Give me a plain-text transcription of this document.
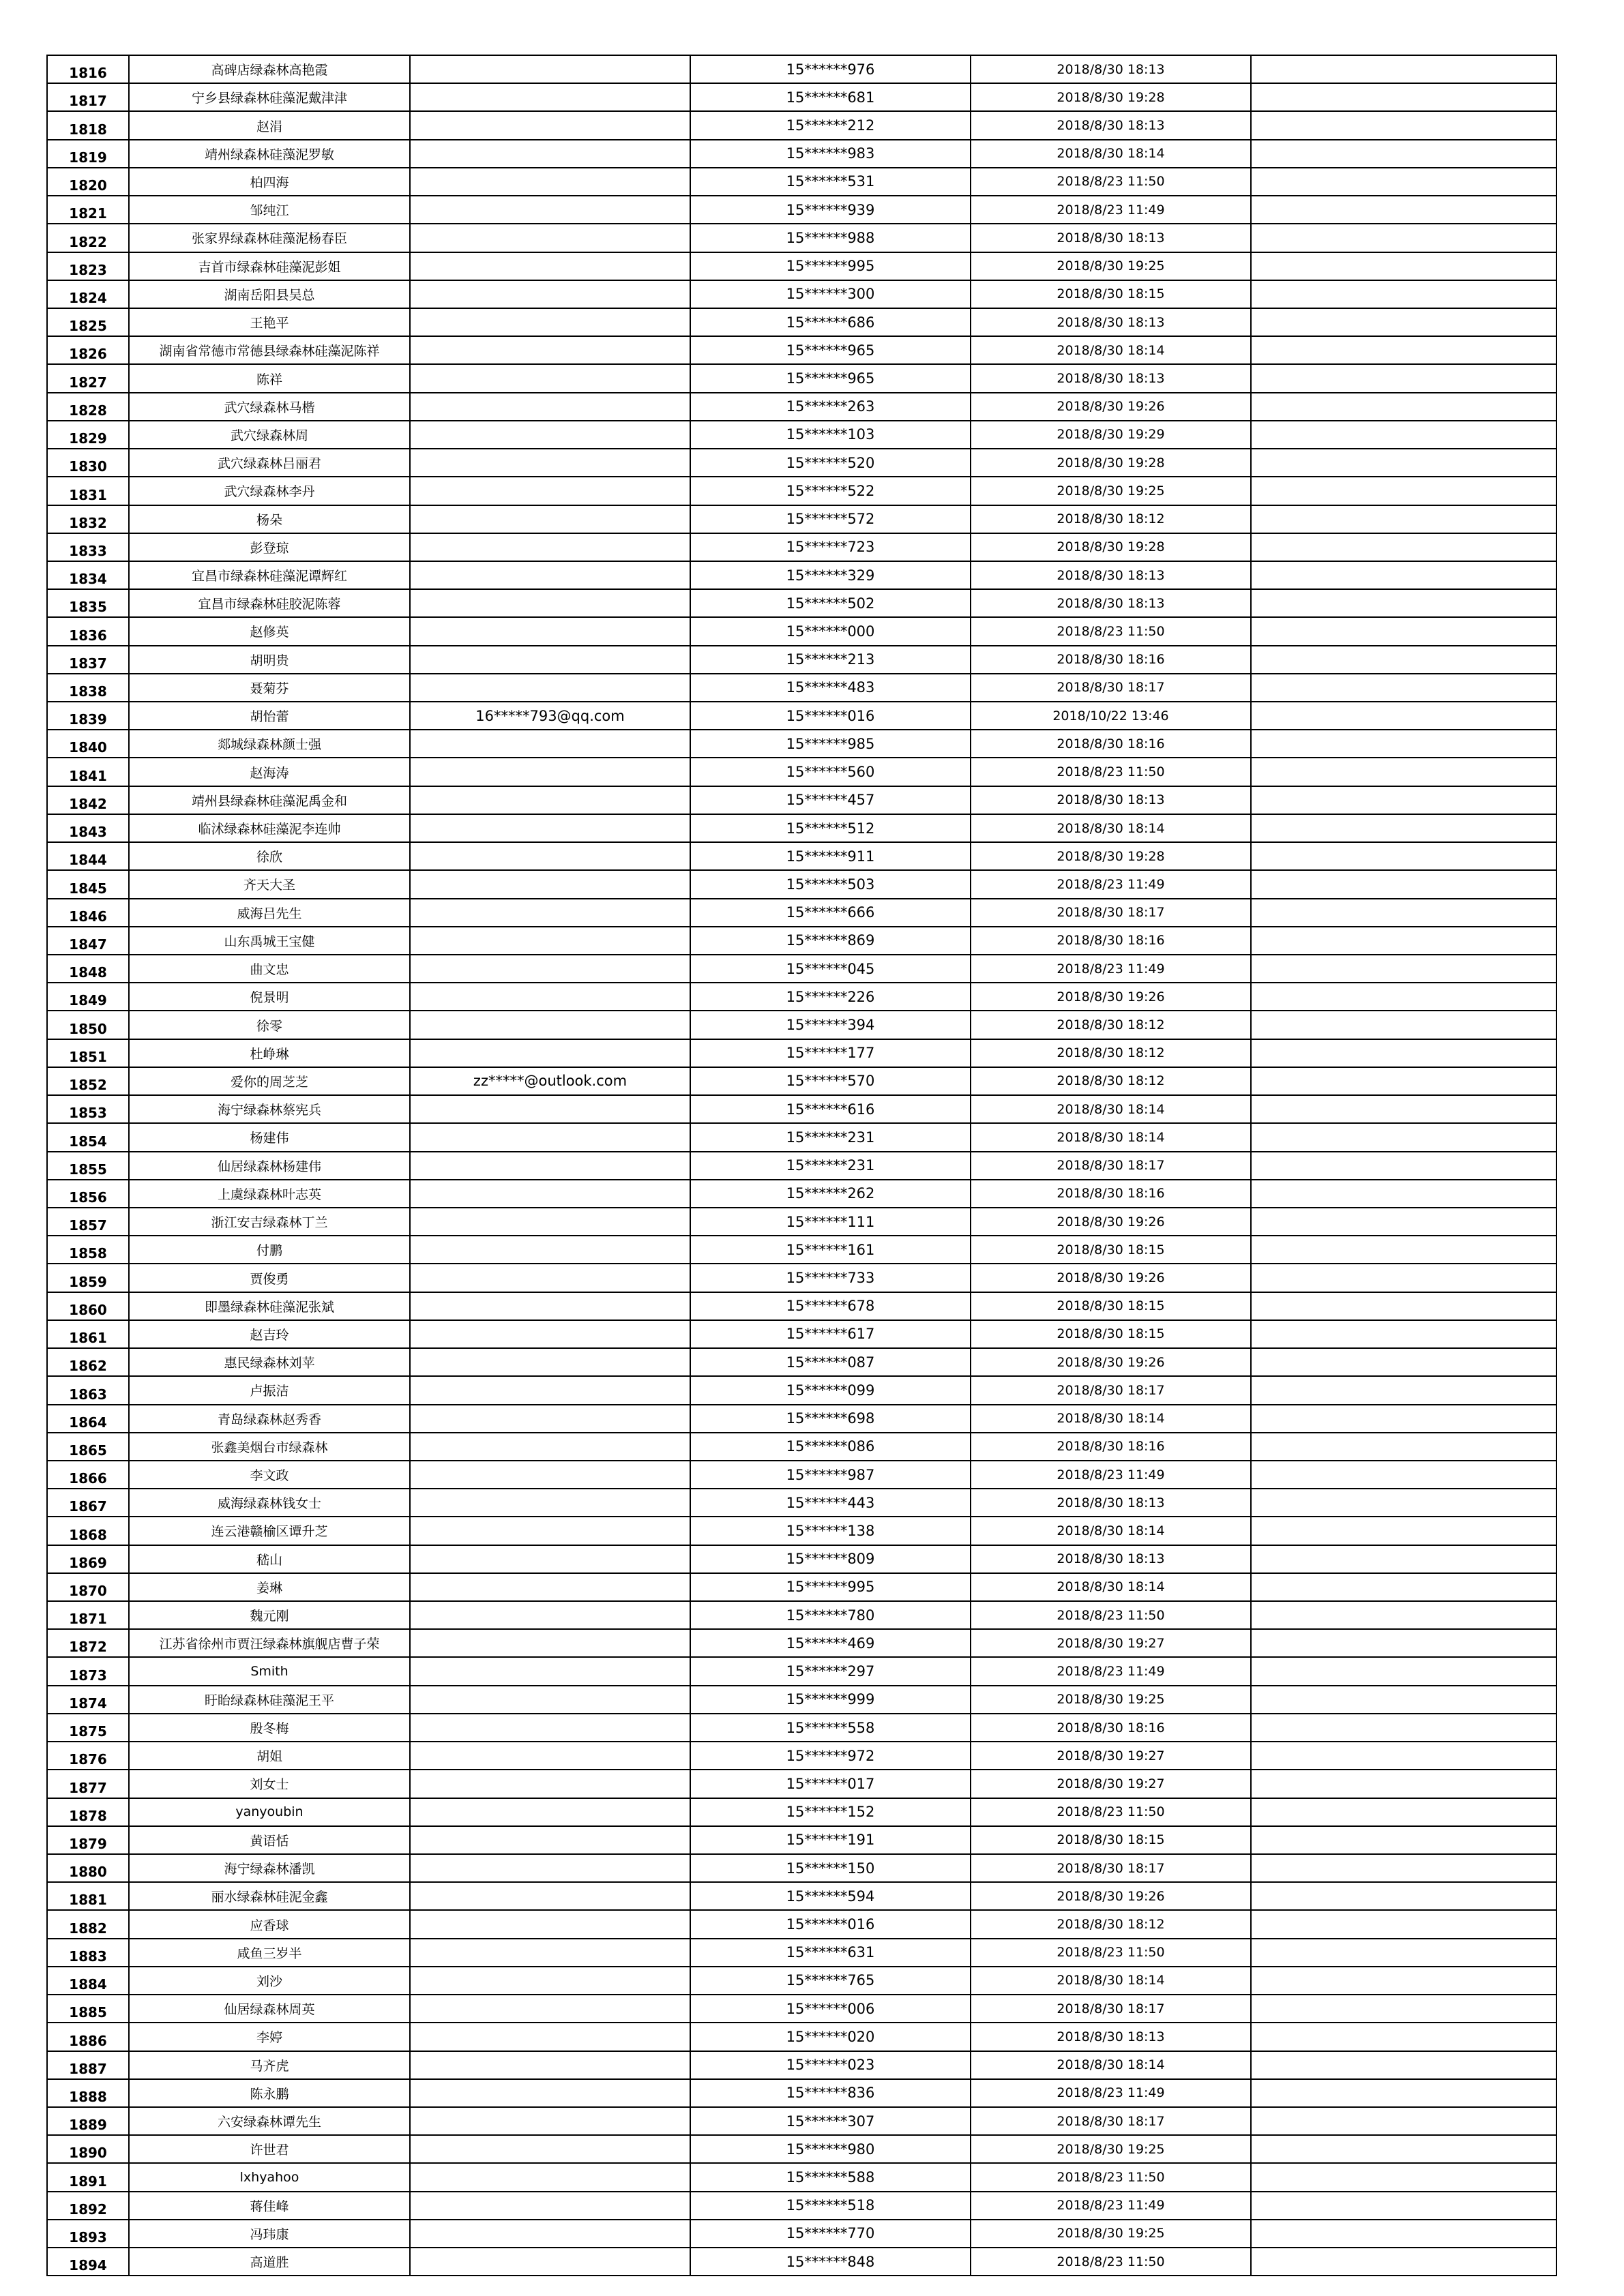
1816	高碑店绿森林高艳霞		15******976	2018/8/30 18:13	
1817	宁乡县绿森林硅藻泥戴津津		15******681	2018/8/30 19:28	
1818	赵涓		15******212	2018/8/30 18:13	
1819	靖州绿森林硅藻泥罗敏		15******983	2018/8/30 18:14	
1820	柏四海		15******531	2018/8/23 11:50	
1821	邹纯江		15******939	2018/8/23 11:49	
1822	张家界绿森林硅藻泥杨春臣		15******988	2018/8/30 18:13	
1823	吉首市绿森林硅藻泥彭姐		15******995	2018/8/30 19:25	
1824	湖南岳阳县吴总		15******300	2018/8/30 18:15	
1825	王艳平		15******686	2018/8/30 18:13	
1826	湖南省常德市常德县绿森林硅藻泥陈祥		15******965	2018/8/30 18:14	
1827	陈祥		15******965	2018/8/30 18:13	
1828	武穴绿森林马楷		15******263	2018/8/30 19:26	
1829	武穴绿森林周		15******103	2018/8/30 19:29	
1830	武穴绿森林吕丽君		15******520	2018/8/30 19:28	
1831	武穴绿森林李丹		15******522	2018/8/30 19:25	
1832	杨朵		15******572	2018/8/30 18:12	
1833	彭登琼		15******723	2018/8/30 19:28	
1834	宜昌市绿森林硅藻泥谭辉红		15******329	2018/8/30 18:13	
1835	宜昌市绿森林硅胶泥陈蓉		15******502	2018/8/30 18:13	
1836	赵修英		15******000	2018/8/23 11:50	
1837	胡明贵		15******213	2018/8/30 18:16	
1838	聂菊芬		15******483	2018/8/30 18:17	
1839	胡怡蕾	16*****793@qq.com	15******016	2018/10/22 13:46	
1840	郯城绿森林颜士强		15******985	2018/8/30 18:16	
1841	赵海涛		15******560	2018/8/23 11:50	
1842	靖州县绿森林硅藻泥禹金和		15******457	2018/8/30 18:13	
1843	临沭绿森林硅藻泥李连帅		15******512	2018/8/30 18:14	
1844	徐欣		15******911	2018/8/30 19:28	
1845	齐天大圣		15******503	2018/8/23 11:49	
1846	威海吕先生		15******666	2018/8/30 18:17	
1847	山东禹城王宝健		15******869	2018/8/30 18:16	
1848	曲文忠		15******045	2018/8/23 11:49	
1849	倪景明		15******226	2018/8/30 19:26	
1850	徐零		15******394	2018/8/30 18:12	
1851	杜峥琳		15******177	2018/8/30 18:12	
1852	爱你的周芝芝	zz*****@outlook.com	15******570	2018/8/30 18:12	
1853	海宁绿森林蔡宪兵		15******616	2018/8/30 18:14	
1854	杨建伟		15******231	2018/8/30 18:14	
1855	仙居绿森林杨建伟		15******231	2018/8/30 18:17	
1856	上虞绿森林叶志英		15******262	2018/8/30 18:16	
1857	浙江安吉绿森林丁兰		15******111	2018/8/30 19:26	
1858	付鹏		15******161	2018/8/30 18:15	
1859	贾俊勇		15******733	2018/8/30 19:26	
1860	即墨绿森林硅藻泥张斌		15******678	2018/8/30 18:15	
1861	赵吉玲		15******617	2018/8/30 18:15	
1862	惠民绿森林刘苹		15******087	2018/8/30 19:26	
1863	卢振洁		15******099	2018/8/30 18:17	
1864	青岛绿森林赵秀香		15******698	2018/8/30 18:14	
1865	张鑫美烟台市绿森林		15******086	2018/8/30 18:16	
1866	李文政		15******987	2018/8/23 11:49	
1867	威海绿森林钱女士		15******443	2018/8/30 18:13	
1868	连云港赣榆区谭升芝		15******138	2018/8/30 18:14	
1869	嵇山		15******809	2018/8/30 18:13	
1870	姜琳		15******995	2018/8/30 18:14	
1871	魏元刚		15******780	2018/8/23 11:50	
1872	江苏省徐州市贾汪绿森林旗舰店曹子荣		15******469	2018/8/30 19:27	
1873	Smith		15******297	2018/8/23 11:49	
1874	盱眙绿森林硅藻泥王平		15******999	2018/8/30 19:25	
1875	殷冬梅		15******558	2018/8/30 18:16	
1876	胡姐		15******972	2018/8/30 19:27	
1877	刘女士		15******017	2018/8/30 19:27	
1878	yanyoubin		15******152	2018/8/23 11:50	
1879	黄语恬		15******191	2018/8/30 18:15	
1880	海宁绿森林潘凯		15******150	2018/8/30 18:17	
1881	丽水绿森林硅泥金鑫		15******594	2018/8/30 19:26	
1882	应香球		15******016	2018/8/30 18:12	
1883	咸鱼三岁半		15******631	2018/8/23 11:50	
1884	刘沙		15******765	2018/8/30 18:14	
1885	仙居绿森林周英		15******006	2018/8/30 18:17	
1886	李婷		15******020	2018/8/30 18:13	
1887	马齐虎		15******023	2018/8/30 18:14	
1888	陈永鹏		15******836	2018/8/23 11:49	
1889	六安绿森林谭先生		15******307	2018/8/30 18:17	
1890	许世君		15******980	2018/8/30 19:25	
1891	lxhyahoo		15******588	2018/8/23 11:50	
1892	蒋佳峰		15******518	2018/8/23 11:49	
1893	冯玮康		15******770	2018/8/30 19:25	
1894	高道胜		15******848	2018/8/23 11:50	
